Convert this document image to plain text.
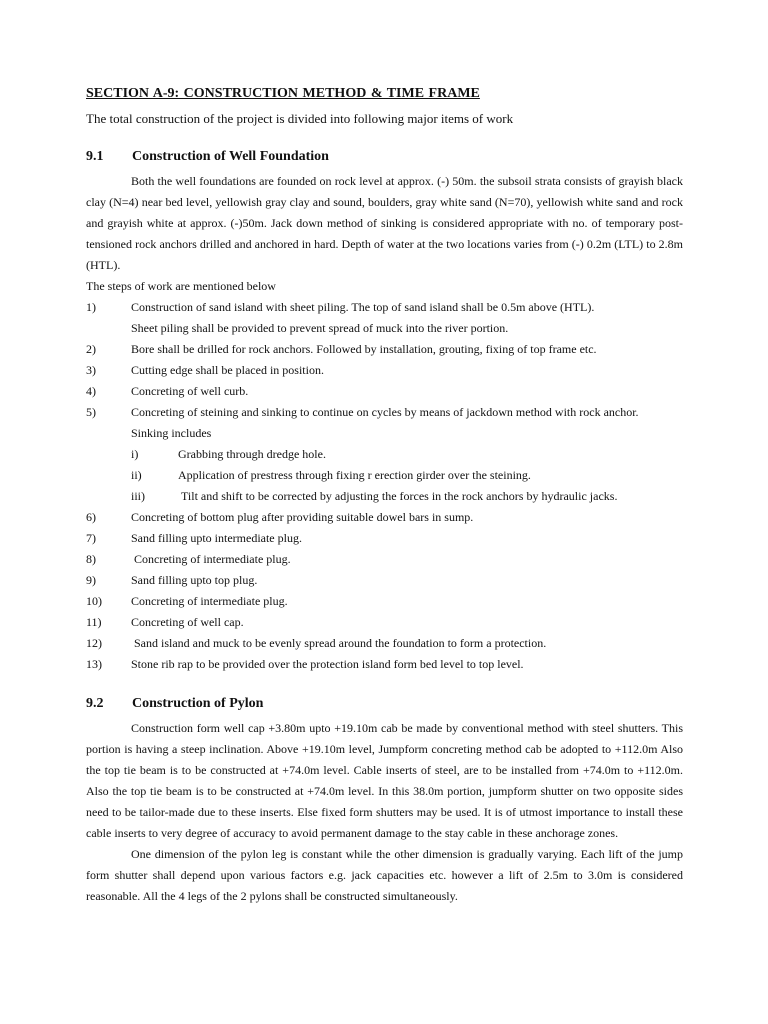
SECTION A-9: CONSTRUCTION METHOD & TIME FRAME

The total construction of the project is divided into following major items of work

9.1	Construction of Well Foundation

Both the well foundations are founded on rock level at approx. (-) 50m. the subsoil strata consists of grayish black clay (N=4) near bed level, yellowish gray clay and sound, boulders, gray white sand (N=70), yellowish white sand and rock and grayish white at approx. (-)50m. Jack down method of sinking is considered appropriate with no. of temporary post-tensioned rock anchors drilled and anchored in hard. Depth of water at the two locations varies from (-) 0.2m (LTL) to 2.8m (HTL).

The steps of work are mentioned below

1)	Construction of sand island with sheet piling. The top of sand island shall be 0.5m above (HTL).
Sheet piling shall be provided to prevent spread of muck into the river portion.
2)	Bore shall be drilled for rock anchors. Followed by installation, grouting, fixing of top frame etc.
3)	Cutting edge shall be placed in position.
4)	Concreting of well curb.
5)	Concreting of steining and sinking to continue on cycles by means of jackdown method with rock anchor.
Sinking includes
i)	Grabbing through dredge hole.
ii)	Application of prestress through fixing r erection girder over the steining.
iii)	Tilt and shift to be corrected by adjusting the forces in the rock anchors by hydraulic jacks.
6)	Concreting of bottom plug after providing suitable dowel bars in sump.
7)	Sand filling upto intermediate plug.
8)	Concreting of intermediate plug.
9)	Sand filling upto top plug.
10)	Concreting of intermediate plug.
11)	Concreting of well cap.
12)	Sand island and muck to be evenly spread around the foundation to form a protection.
13)	Stone rib rap to be provided over the protection island form bed level to top level.
9.2	Construction of Pylon

Construction form well cap +3.80m upto +19.10m cab be made by conventional method with steel shutters. This portion is having a steep inclination. Above +19.10m level, Jumpform concreting method cab be adopted to +112.0m Also the top tie beam is to be constructed at +74.0m level. Cable inserts of steel, are to be installed from +74.0m to +112.0m. Also the top tie beam is to be constructed at +74.0m level. In this 38.0m portion, jumpform shutter on two opposite sides need to be tailor-made due to these inserts. Else fixed form shutters may be used. It is of utmost importance to install these cable inserts to very degree of accuracy to avoid permanent damage to the stay cable in these anchorage zones.

One dimension of the pylon leg is constant while the other dimension is gradually varying. Each lift of the jump form shutter shall depend upon various factors e.g. jack capacities etc. however a lift of 2.5m to 3.0m is considered reasonable. All the 4 legs of the 2 pylons shall be constructed simultaneously.
